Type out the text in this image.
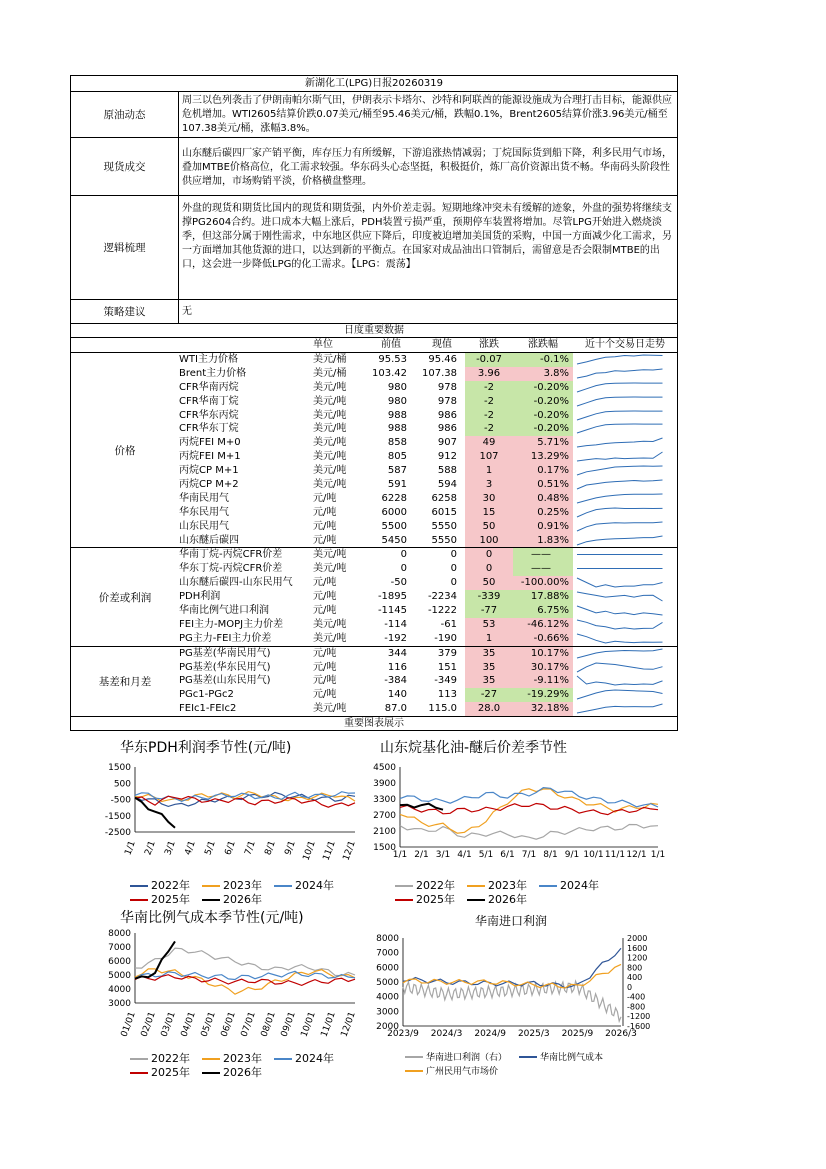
新湖化工(LPG)日报20260319
原油动态
周三以色列袭击了伊朗南帕尔斯气田，伊朗表示卡塔尔、沙特和阿联酋的能源设施成为合理打击目标，能源供应危机增加。WTI2605结算价跌0.07美元/桶至95.46美元/桶，跌幅0.1%，Brent2605结算价涨3.96美元/桶至107.38美元/桶，涨幅3.8%。
现货成交
山东醚后碳四厂家产销平衡，库存压力有所缓解，下游追涨热情减弱；丁烷国际货到船下降，利多民用气市场，叠加MTBE价格高位，化工需求较强。华东码头心态坚挺，积极挺价，炼厂高价资源出货不畅。华南码头阶段性供应增加，市场购销平淡，价格横盘整理。
逻辑梳理
外盘的现货和期货比国内的现货和期货强，内外价差走弱。短期地缘冲突未有缓解的迹象，外盘的强势将继续支撑PG2604合约。进口成本大幅上涨后，PDH装置亏损严重，预期停车装置将增加。尽管LPG开始进入燃烧淡季，但这部分属于刚性需求，中东地区供应下降后，印度被迫增加美国货的采购，中国一方面减少化工需求，另一方面增加其他货源的进口，以达到新的平衡点。在国家对成品油出口管制后，需留意是否会限制MTBE的出口，这会进一步降低LPG的化工需求。【LPG：震荡】
策略建议	无
日度重要数据
单位	前值	现值	涨跌	涨跌幅	近十个交易日走势
价格
WTI主力价格	美元/桶	95.53	95.46	-0.07	-0.1%
Brent主力价格	美元/桶	103.42	107.38	3.96	3.8%
CFR华南丙烷	美元/吨	980	978	-2	-0.20%
CFR华南丁烷	美元/吨	980	978	-2	-0.20%
CFR华东丙烷	美元/吨	988	986	-2	-0.20%
CFR华东丁烷	美元/吨	988	986	-2	-0.20%
丙烷FEI M+0	美元/吨	858	907	49	5.71%
丙烷FEI M+1	美元/吨	805	912	107	13.29%
丙烷CP M+1	美元/吨	587	588	1	0.17%
丙烷CP M+2	美元/吨	591	594	3	0.51%
华南民用气	元/吨	6228	6258	30	0.48%
华东民用气	元/吨	6000	6015	15	0.25%
山东民用气	元/吨	5500	5550	50	0.91%
山东醚后碳四	元/吨	5450	5550	100	1.83%
价差或利润
华南丁烷-丙烷CFR价差	美元/吨	0	0	0	——
华东丁烷-丙烷CFR价差	美元/吨	0	0	0	——
山东醚后碳四-山东民用气	元/吨	-50	0	50	-100.00%
PDH利润	元/吨	-1895	-2234	-339	17.88%
华南比例气进口利润	元/吨	-1145	-1222	-77	6.75%
FEI主力-MOPJ主力价差	美元/吨	-114	-61	53	-46.12%
PG主力-FEI主力价差	美元/吨	-192	-190	1	-0.66%
基差和月差
PG基差(华南民用气)	元/吨	344	379	35	10.17%
PG基差(华东民用气)	元/吨	116	151	35	30.17%
PG基差(山东民用气)	元/吨	-384	-349	35	-9.11%
PGc1-PGc2	元/吨	140	113	-27	-19.29%
FEIc1-FEIc2	美元/吨	87.0	115.0	28.0	32.18%
重要图表展示
华东PDH利润季节性(元/吨)
1500
500
-500
-1500
-2500
1/1 2/1 3/1 4/1 5/1 6/1 7/1 8/1 9/1 10/1 11/1 12/1
2022年	2023年	2024年
2025年	2026年
山东烷基化油-醚后价差季节性
4500
3900
3300
2700
2100
1500
1/1 2/1 3/1 4/1 5/1 6/1 7/1 8/1 9/1 10/1 11/1 12/1 1/1
2022年	2023年	2024年
2025年	2026年
华南比例气成本季节性(元/吨)
8000
7000
6000
5000
4000
3000
01/01 02/01 03/01 04/01 05/01 06/01 07/01 08/01 09/01 10/01 11/01 12/01
2022年	2023年	2024年
2025年	2026年
华南进口利润
8000
7000
6000
5000
4000
3000
2000
2000
1600
1200
800
400
0
-400
-800
-1200
-1600
2023/9 2024/3 2024/9 2025/3 2025/9 2026/3
华南进口利润（右）	华南比例气成本
广州民用气市场价
